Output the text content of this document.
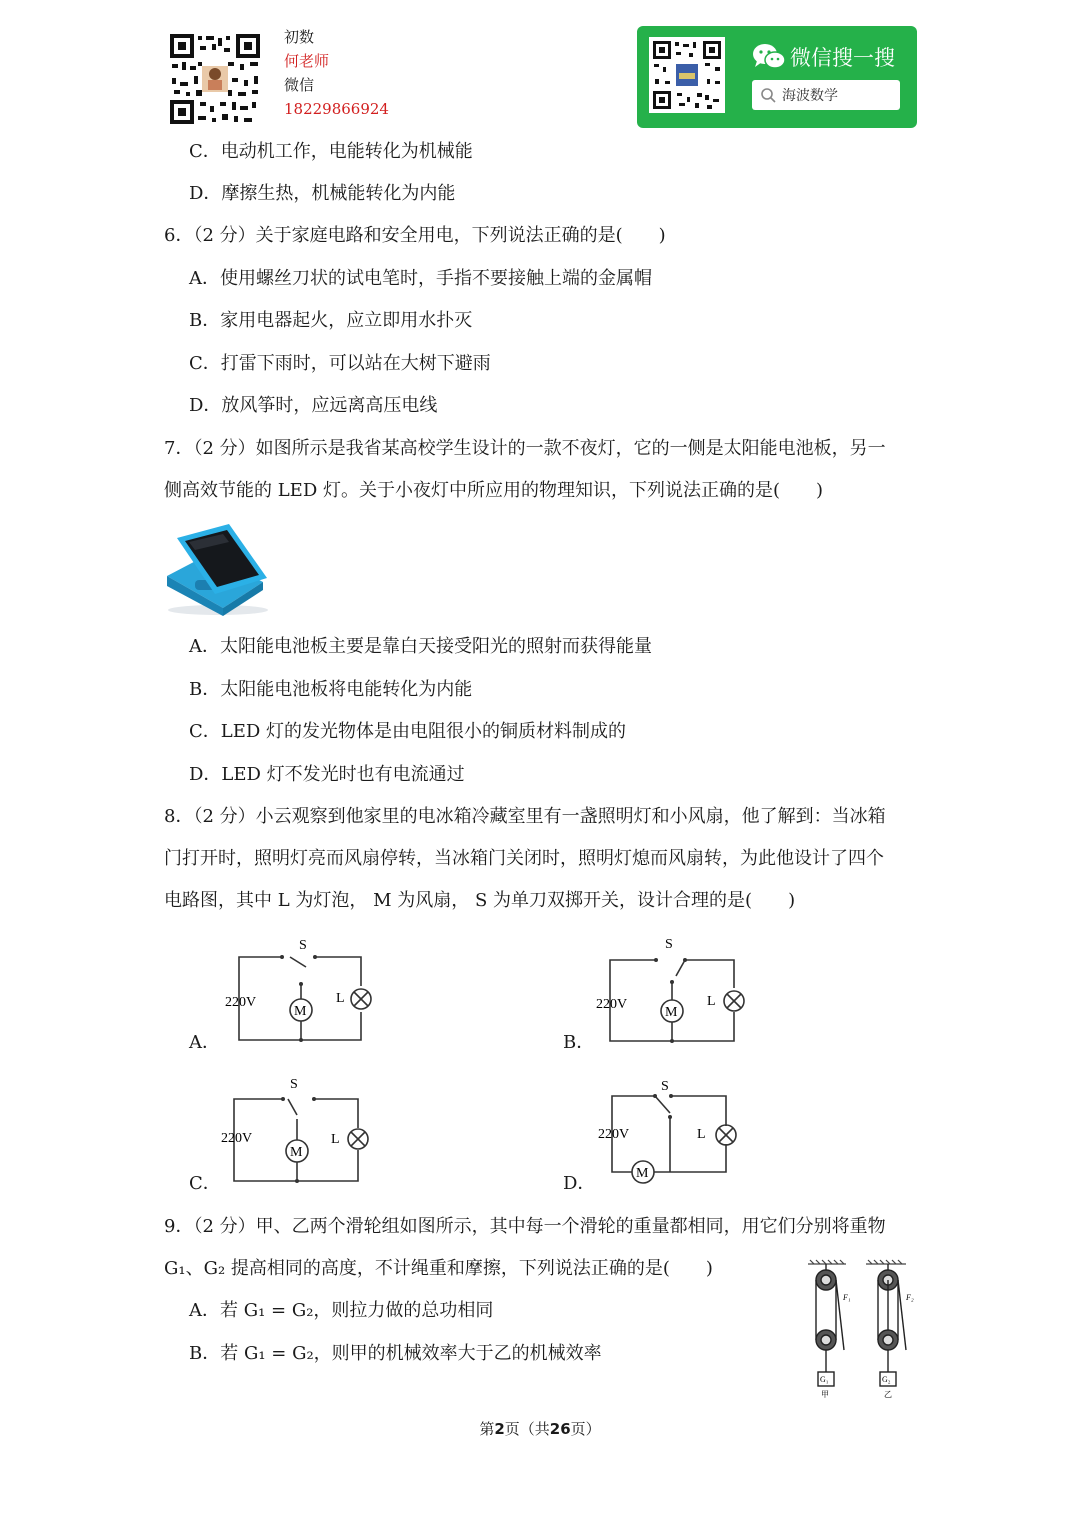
初数
何老师
微信
18229866924
微信搜一搜
海波数学
C．电动机工作，电能转化为机械能
D．摩擦生热，机械能转化为内能
6．（2 分）关于家庭电路和安全用电，下列说法正确的是(　　)
A．使用螺丝刀状的试电笔时，手指不要接触上端的金属帽
B．家用电器起火，应立即用水扑灭
C．打雷下雨时，可以站在大树下避雨
D．放风筝时，应远离高压电线
7．（2 分）如图所示是我省某高校学生设计的一款不夜灯，它的一侧是太阳能电池板，另一
侧高效节能的 LED 灯。关于小夜灯中所应用的物理知识，下列说法正确的是(　　)
A．太阳能电池板主要是靠白天接受阳光的照射而获得能量
B．太阳能电池板将电能转化为内能
C．LED 灯的发光物体是由电阻很小的铜质材料制成的
D．LED 灯不发光时也有电流通过
8．（2 分）小云观察到他家里的电冰箱冷藏室里有一盏照明灯和小风扇，他了解到：当冰箱
门打开时，照明灯亮而风扇停转，当冰箱门关闭时，照明灯熄而风扇转，为此他设计了四个
电路图，其中 L 为灯泡， M 为风扇， S 为单刀双掷开关，设计合理的是(　　)
A．
S
220V
M
L
B．
S
220V
M
L
C．
S
220V
M
L
D．
S
220V
M
L
9．（2 分）甲、乙两个滑轮组如图所示，其中每一个滑轮的重量都相同，用它们分别将重物
G₁、G₂ 提高相同的高度，不计绳重和摩擦，下列说法正确的是(　　)
A．若 G₁ = G₂，则拉力做的总功相同
B．若 G₁ = G₂，则甲的机械效率大于乙的机械效率
F₁
G₁
甲
F₂
G₂
乙
第2页（共26页）
